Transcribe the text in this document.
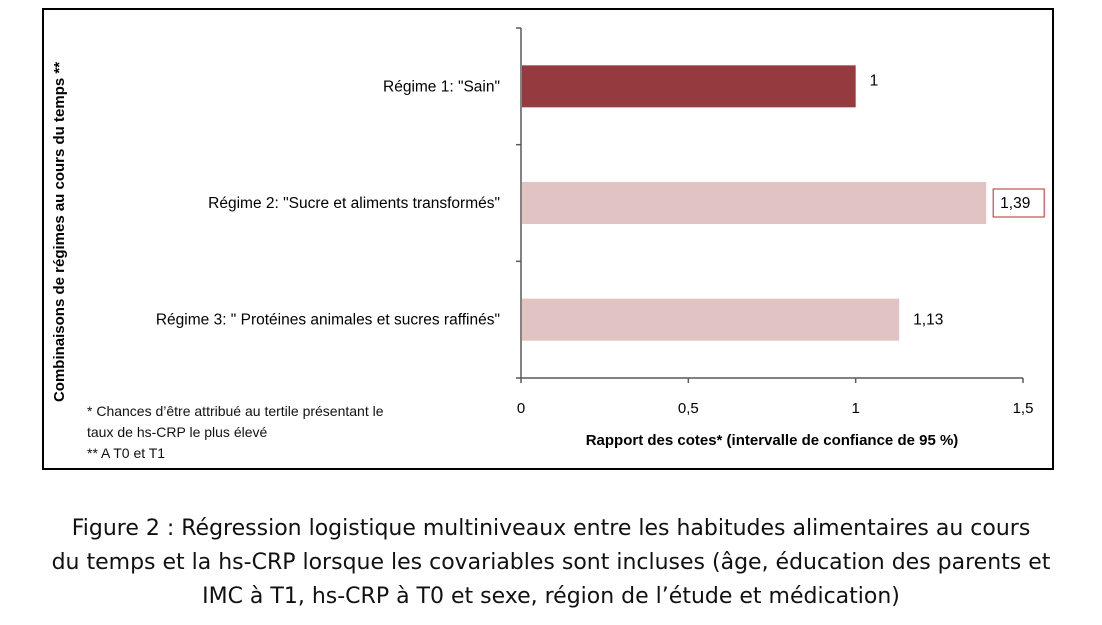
Combinaisons de régimes au cours du temps **
Rapport des cotes* (intervalle de confiance de 95 %)
0	0,5	1	1,5
Régime 1: "Sain"	1
Régime 2: "Sucre et aliments transformés"	1,39
Régime 3: " Protéines animales et sucres raffinés"	1,13
* Chances d’être attribué au tertile présentant le
taux de hs-CRP le plus élevé
** A T0 et T1
Figure 2 : Régression logistique multiniveaux entre les habitudes alimentaires au cours
du temps et la hs-CRP lorsque les covariables sont incluses (âge, éducation des parents et
IMC à T1, hs-CRP à T0 et sexe, région de l’étude et médication)
